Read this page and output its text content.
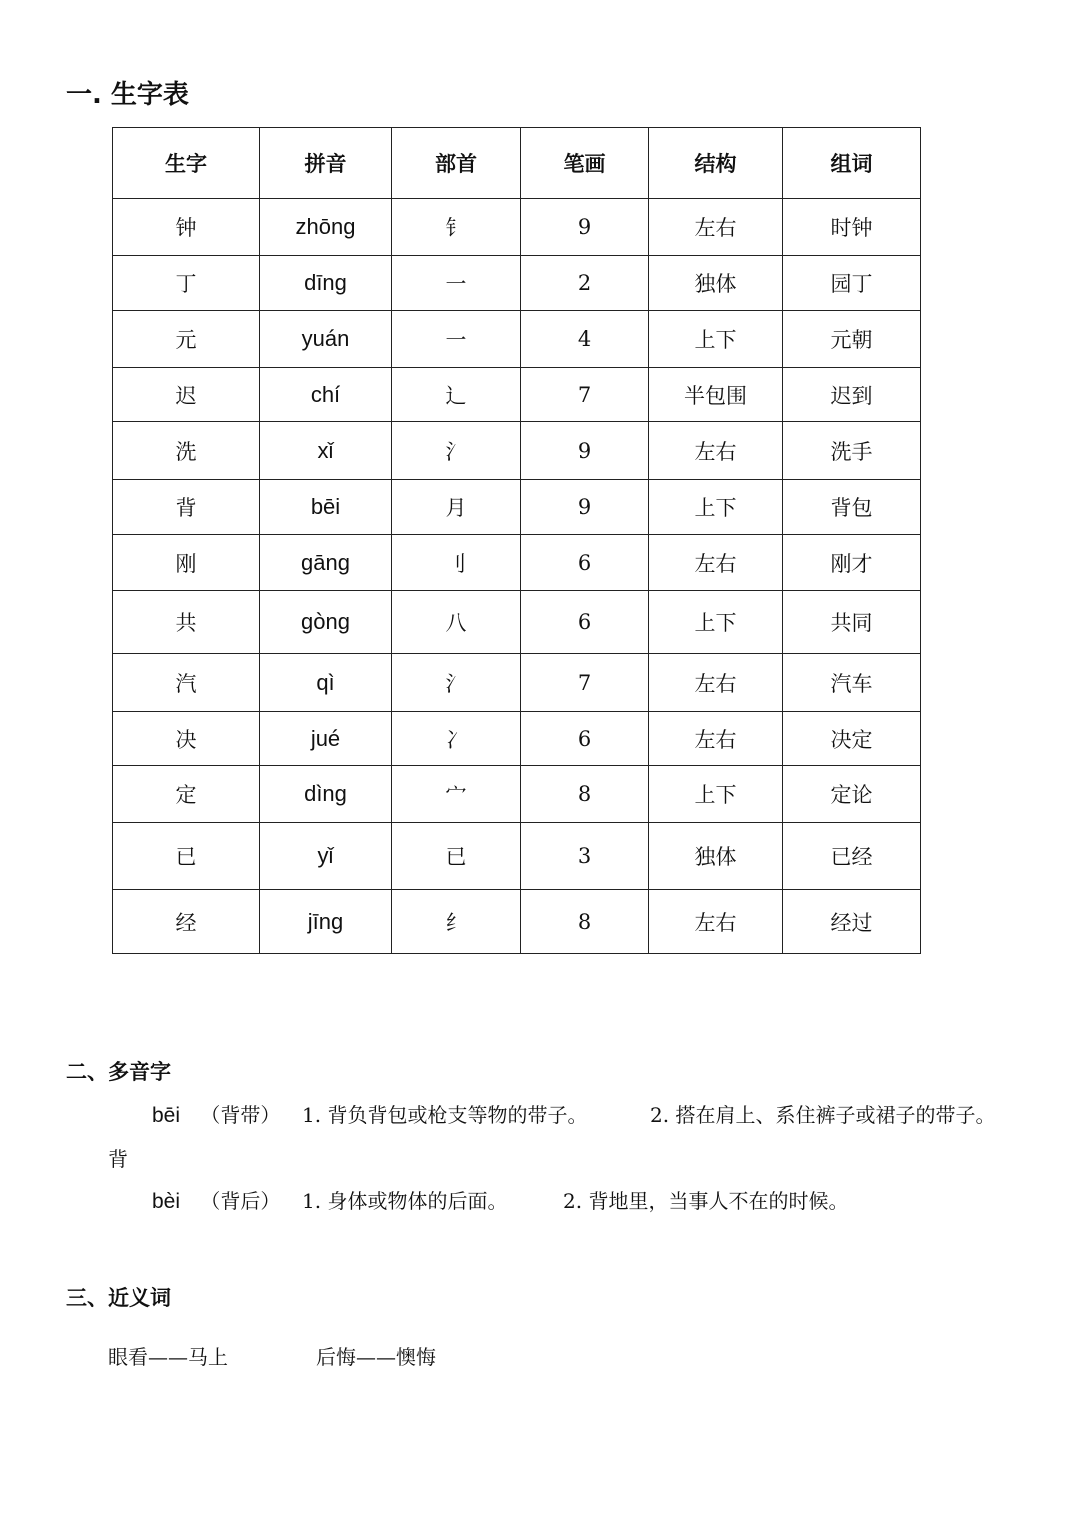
一. 生字表
生字	拼音	部首	笔画	结构	组词
钟	zhōng	钅	9	左右	时钟
丁	dīng	一	2	独体	园丁
元	yuán	一	4	上下	元朝
迟	chí	辶	7	半包围	迟到
洗	xǐ	氵	9	左右	洗手
背	bēi	月	9	上下	背包
刚	gāng	刂	6	左右	刚才
共	gòng	八	6	上下	共同
汽	qì	氵	7	左右	汽车
决	jué	冫	6	左右	决定
定	dìng	宀	8	上下	定论
已	yǐ	已	3	独体	已经
经	jīng	纟	8	左右	经过
二、多音字
bēi （背带） 1. 背负背包或枪支等物的带子。	2. 搭在肩上、系住裤子或裙子的带子。
背
bèi （背后） 1. 身体或物体的后面。	2. 背地里，当事人不在的时候。
三、近义词
眼看——马上	后悔——懊悔
